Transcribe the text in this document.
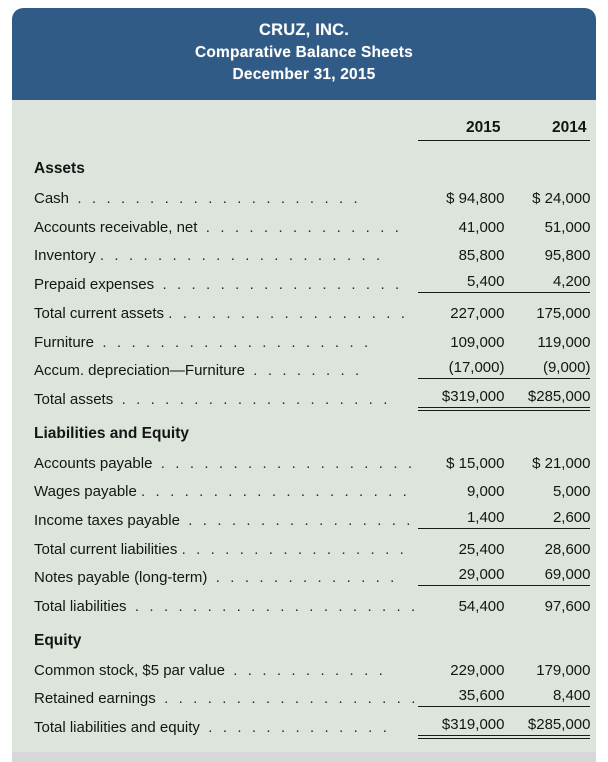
CRUZ, INC.
Comparative Balance Sheets
December 31, 2015
	2015	2014
Assets		

Cash . . . . . . . . . . . . . . . . . . . .	$ 94,800	$ 24,000

Accounts receivable, net . . . . . . . . . . . . . .	41,000	51,000

Inventory . . . . . . . . . . . . . . . . . . . .	85,800	95,800

Prepaid expenses . . . . . . . . . . . . . . . . .	5,400	4,200

Total current assets . . . . . . . . . . . . . . . . .	227,000	175,000

Furniture . . . . . . . . . . . . . . . . . . .	109,000	119,000

Accum. depreciation—Furniture . . . . . . . .	(17,000)	(9,000)

Total assets . . . . . . . . . . . . . . . . . . .	$319,000	$285,000
Liabilities and Equity		

Accounts payable . . . . . . . . . . . . . . . . . .	$ 15,000	$ 21,000

Wages payable . . . . . . . . . . . . . . . . . . .	9,000	5,000

Income taxes payable . . . . . . . . . . . . . . . .	1,400	2,600

Total current liabilities . . . . . . . . . . . . . . . .	25,400	28,600

Notes payable (long-term) . . . . . . . . . . . . .	29,000	69,000

Total liabilities . . . . . . . . . . . . . . . . . . . .	54,400	97,600
Equity		

Common stock, $5 par value . . . . . . . . . . .	229,000	179,000

Retained earnings . . . . . . . . . . . . . . . . . .	35,600	8,400

Total liabilities and equity . . . . . . . . . . . . .	$319,000	$285,000
